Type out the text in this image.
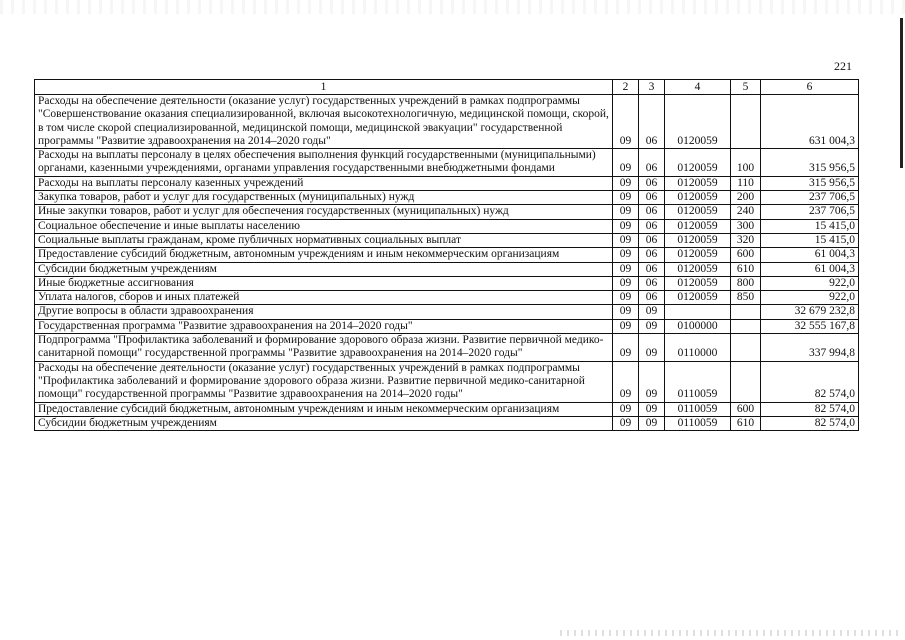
221
1	2	3	4	5	6
Расходы на обеспечение деятельности (оказание услуг) государственных учреждений в рамках подпрограммы "Совершенствование оказания специализированной, включая высокотехнологичную, медицинской помощи, скорой, в том числе скорой специализированной, медицинской помощи, медицинской эвакуации" государственной программы "Развитие здравоохранения на 2014–2020 годы"	09	06	0120059		631 004,3
Расходы на выплаты персоналу в целях обеспечения выполнения функций государственными (муниципальными) органами, казенными учреждениями, органами управления государственными внебюджетными фондами	09	06	0120059	100	315 956,5
Расходы на выплаты персоналу казенных учреждений	09	06	0120059	110	315 956,5
Закупка товаров, работ и услуг для государственных (муниципальных) нужд	09	06	0120059	200	237 706,5
Иные закупки товаров, работ и услуг для обеспечения государственных (муниципальных) нужд	09	06	0120059	240	237 706,5
Социальное обеспечение и иные выплаты населению	09	06	0120059	300	15 415,0
Социальные выплаты гражданам, кроме публичных нормативных социальных выплат	09	06	0120059	320	15 415,0
Предоставление субсидий бюджетным, автономным учреждениям и иным некоммерческим организациям	09	06	0120059	600	61 004,3
Субсидии бюджетным учреждениям	09	06	0120059	610	61 004,3
Иные бюджетные ассигнования	09	06	0120059	800	922,0
Уплата налогов, сборов и иных платежей	09	06	0120059	850	922,0
Другие вопросы в области здравоохранения	09	09			32 679 232,8
Государственная программа "Развитие здравоохранения на 2014–2020 годы"	09	09	0100000		32 555 167,8
Подпрограмма "Профилактика заболеваний и формирование здорового образа жизни. Развитие первичной медико-санитарной помощи" государственной программы "Развитие здравоохранения на 2014–2020 годы"	09	09	0110000		337 994,8
Расходы на обеспечение деятельности (оказание услуг) государственных учреждений в рамках подпрограммы "Профилактика заболеваний и формирование здорового образа жизни. Развитие первичной медико-санитарной помощи" государственной программы "Развитие здравоохранения на 2014–2020 годы"	09	09	0110059		82 574,0
Предоставление субсидий бюджетным, автономным учреждениям и иным некоммерческим организациям	09	09	0110059	600	82 574,0
Субсидии бюджетным учреждениям	09	09	0110059	610	82 574,0
